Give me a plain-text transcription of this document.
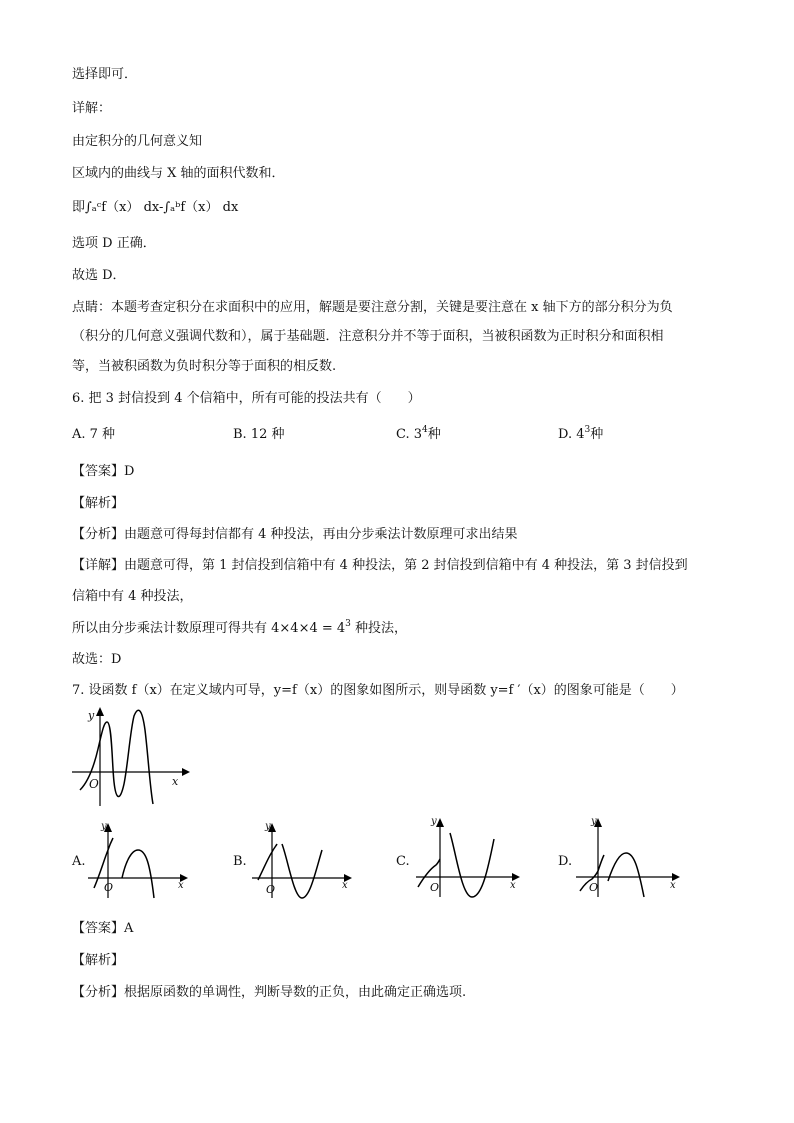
选择即可．
详解：
由定积分的几何意义知
区域内的曲线与 X 轴的面积代数和．
即∫ₐᶜf（x） dx-∫ₐᵇf（x） dx
选项 D 正确．
故选 D．
点睛：本题考查定积分在求面积中的应用，解题是要注意分割，关键是要注意在 x 轴下方的部分积分为负
（积分的几何意义强调代数和），属于基础题．注意积分并不等于面积，当被积函数为正时积分和面积相
等，当被积函数为负时积分等于面积的相反数.
6. 把 3 封信投到 4 个信箱中，所有可能的投法共有（　　）
A. 7 种	B. 12 种	C. $3^4$种	D. $4^3$种
【答案】D
【解析】
【分析】由题意可得每封信都有 4 种投法，再由分步乘法计数原理可求出结果
【详解】由题意可得，第 1 封信投到信箱中有 4 种投法，第 2 封信投到信箱中有 4 种投法，第 3 封信投到
信箱中有 4 种投法，
所以由分步乘法计数原理可得共有 $4\times 4\times 4 = 4^3$ 种投法，
故选：D
7. 设函数 f（x）在定义域内可导，y=f（x）的图象如图所示，则导函数 y=f ′（x）的图象可能是（　　）
y
x
O
A.
y
x
O
B.
y
x
O
C.
y
x
O
D.
y
x
O
【答案】A
【解析】
【分析】根据原函数的单调性，判断导数的正负，由此确定正确选项.
